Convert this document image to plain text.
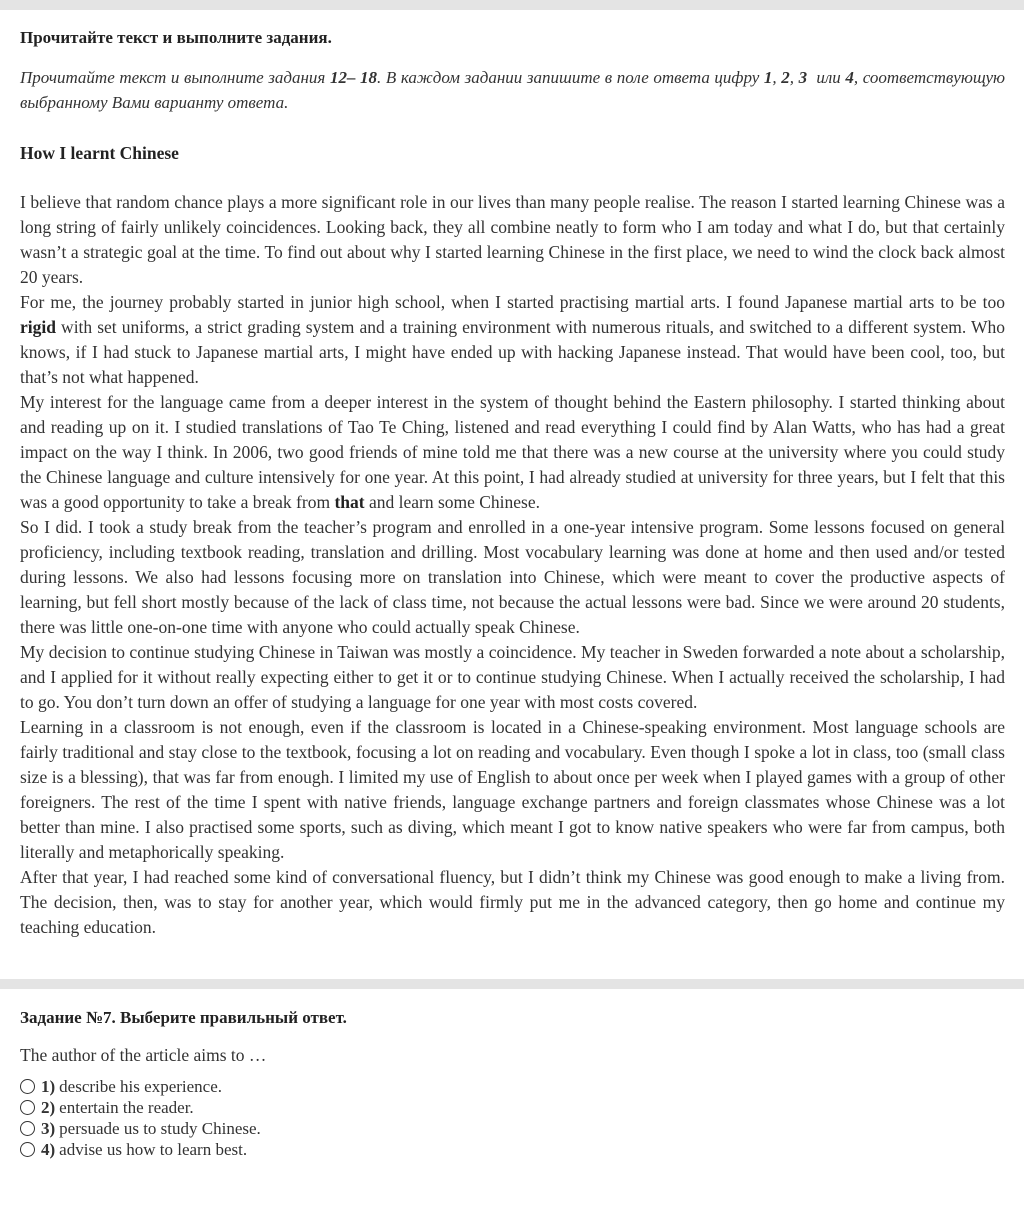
Прочитайте текст и выполните задания.
Прочитайте текст и выполните задания 12– 18. В каждом задании запишите в поле ответа цифру 1, 2, 3  или 4, соответствующую выбранному Вами варианту ответа.
How I learnt Chinese

I believe that random chance plays a more significant role in our lives than many people realise. The reason I started learning Chinese was a long string of fairly unlikely coincidences. Looking back, they all combine neatly to form who I am today and what I do, but that certainly wasn’t a strategic goal at the time. To find out about why I started learning Chinese in the first place, we need to wind the clock back almost 20 years.

For me, the journey probably started in junior high school, when I started practising martial arts. I found Japanese martial arts to be too rigid with set uniforms, a strict grading system and a training environment with numerous rituals, and switched to a different system. Who knows, if I had stuck to Japanese martial arts, I might have ended up with hacking Japanese instead. That would have been cool, too, but that’s not what happened.

My interest for the language came from a deeper interest in the system of thought behind the Eastern philosophy. I started thinking about and reading up on it. I studied translations of Tao Te Ching, listened and read everything I could find by Alan Watts, who has had a great impact on the way I think. In 2006, two good friends of mine told me that there was a new course at the university where you could study the Chinese language and culture intensively for one year. At this point, I had already studied at university for three years, but I felt that this was a good opportunity to take a break from that and learn some Chinese.

So I did. I took a study break from the teacher’s program and enrolled in a one-year intensive program. Some lessons focused on general proficiency, including textbook reading, translation and drilling. Most vocabulary learning was done at home and then used and/or tested during lessons. We also had lessons focusing more on translation into Chinese, which were meant to cover the productive aspects of learning, but fell short mostly because of the lack of class time, not because the actual lessons were bad. Since we were around 20 students, there was little one-on-one time with anyone who could actually speak Chinese.

My decision to continue studying Chinese in Taiwan was mostly a coincidence. My teacher in Sweden forwarded a note about a scholarship, and I applied for it without really expecting either to get it or to continue studying Chinese. When I actually received the scholarship, I had to go. You don’t turn down an offer of studying a language for one year with most costs covered.

Learning in a classroom is not enough, even if the classroom is located in a Chinese-speaking environment. Most language schools are fairly traditional and stay close to the textbook, focusing a lot on reading and vocabulary. Even though I spoke a lot in class, too (small class size is a blessing), that was far from enough. I limited my use of English to about once per week when I played games with a group of other foreigners. The rest of the time I spent with native friends, language exchange partners and foreign classmates whose Chinese was a lot better than mine. I also practised some sports, such as diving, which meant I got to know native speakers who were far from campus, both literally and metaphorically speaking.

After that year, I had reached some kind of conversational fluency, but I didn’t think my Chinese was good enough to make a living from. The decision, then, was to stay for another year, which would firmly put me in the advanced category, then go home and continue my teaching education.

Задание №7. Выберите правильный ответ.
The author of the article aims to …
1) describe his experience.
2) entertain the reader.
3) persuade us to study Chinese.
4) advise us how to learn best.
